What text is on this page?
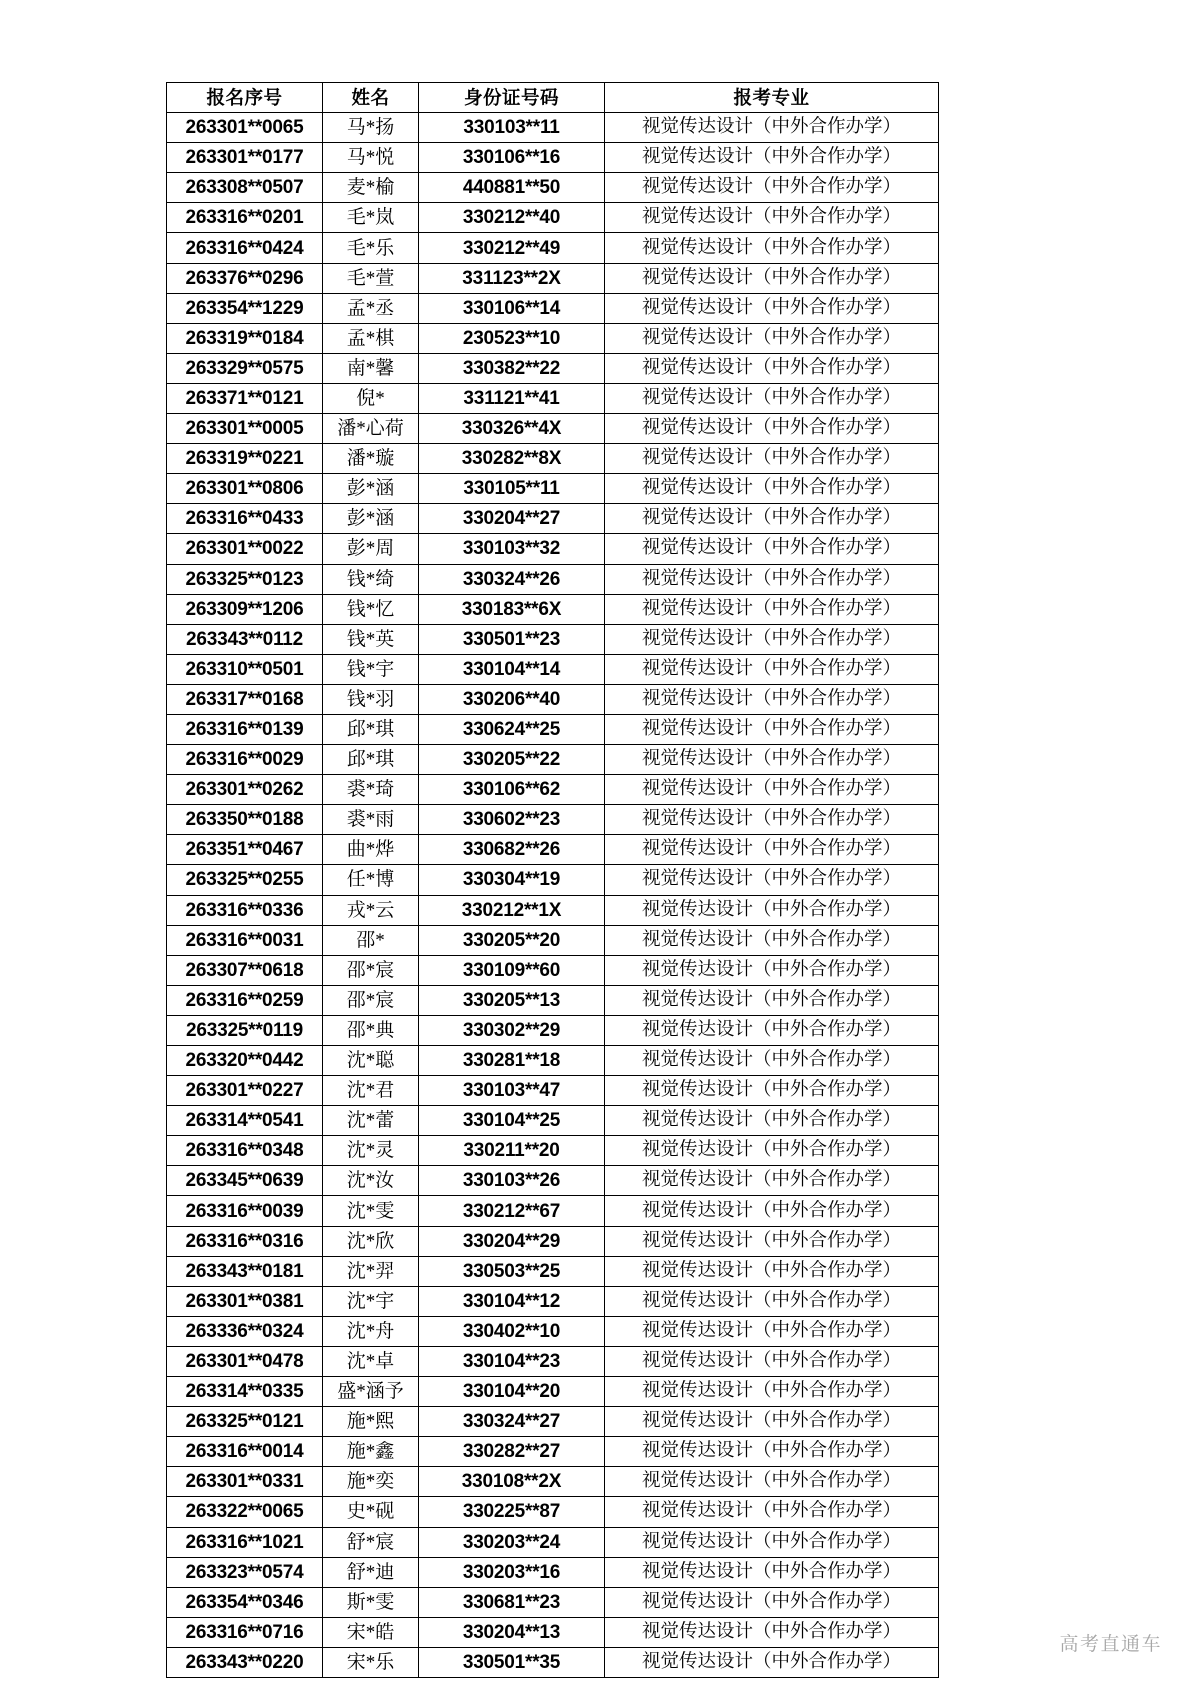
报名序号	姓名	身份证号码	报考专业
263301**0065	马*扬	330103**11	视觉传达设计（中外合作办学）
263301**0177	马*悦	330106**16	视觉传达设计（中外合作办学）
263308**0507	麦*榆	440881**50	视觉传达设计（中外合作办学）
263316**0201	毛*岚	330212**40	视觉传达设计（中外合作办学）
263316**0424	毛*乐	330212**49	视觉传达设计（中外合作办学）
263376**0296	毛*萱	331123**2X	视觉传达设计（中外合作办学）
263354**1229	孟*丞	330106**14	视觉传达设计（中外合作办学）
263319**0184	孟*棋	230523**10	视觉传达设计（中外合作办学）
263329**0575	南*馨	330382**22	视觉传达设计（中外合作办学）
263371**0121	倪*	331121**41	视觉传达设计（中外合作办学）
263301**0005	潘*心荷	330326**4X	视觉传达设计（中外合作办学）
263319**0221	潘*璇	330282**8X	视觉传达设计（中外合作办学）
263301**0806	彭*涵	330105**11	视觉传达设计（中外合作办学）
263316**0433	彭*涵	330204**27	视觉传达设计（中外合作办学）
263301**0022	彭*周	330103**32	视觉传达设计（中外合作办学）
263325**0123	钱*绮	330324**26	视觉传达设计（中外合作办学）
263309**1206	钱*忆	330183**6X	视觉传达设计（中外合作办学）
263343**0112	钱*英	330501**23	视觉传达设计（中外合作办学）
263310**0501	钱*宇	330104**14	视觉传达设计（中外合作办学）
263317**0168	钱*羽	330206**40	视觉传达设计（中外合作办学）
263316**0139	邱*琪	330624**25	视觉传达设计（中外合作办学）
263316**0029	邱*琪	330205**22	视觉传达设计（中外合作办学）
263301**0262	裘*琦	330106**62	视觉传达设计（中外合作办学）
263350**0188	裘*雨	330602**23	视觉传达设计（中外合作办学）
263351**0467	曲*烨	330682**26	视觉传达设计（中外合作办学）
263325**0255	任*博	330304**19	视觉传达设计（中外合作办学）
263316**0336	戎*云	330212**1X	视觉传达设计（中外合作办学）
263316**0031	邵*	330205**20	视觉传达设计（中外合作办学）
263307**0618	邵*宸	330109**60	视觉传达设计（中外合作办学）
263316**0259	邵*宸	330205**13	视觉传达设计（中外合作办学）
263325**0119	邵*典	330302**29	视觉传达设计（中外合作办学）
263320**0442	沈*聪	330281**18	视觉传达设计（中外合作办学）
263301**0227	沈*君	330103**47	视觉传达设计（中外合作办学）
263314**0541	沈*蕾	330104**25	视觉传达设计（中外合作办学）
263316**0348	沈*灵	330211**20	视觉传达设计（中外合作办学）
263345**0639	沈*汝	330103**26	视觉传达设计（中外合作办学）
263316**0039	沈*雯	330212**67	视觉传达设计（中外合作办学）
263316**0316	沈*欣	330204**29	视觉传达设计（中外合作办学）
263343**0181	沈*羿	330503**25	视觉传达设计（中外合作办学）
263301**0381	沈*宇	330104**12	视觉传达设计（中外合作办学）
263336**0324	沈*舟	330402**10	视觉传达设计（中外合作办学）
263301**0478	沈*卓	330104**23	视觉传达设计（中外合作办学）
263314**0335	盛*涵予	330104**20	视觉传达设计（中外合作办学）
263325**0121	施*熙	330324**27	视觉传达设计（中外合作办学）
263316**0014	施*鑫	330282**27	视觉传达设计（中外合作办学）
263301**0331	施*奕	330108**2X	视觉传达设计（中外合作办学）
263322**0065	史*砚	330225**87	视觉传达设计（中外合作办学）
263316**1021	舒*宸	330203**24	视觉传达设计（中外合作办学）
263323**0574	舒*迪	330203**16	视觉传达设计（中外合作办学）
263354**0346	斯*雯	330681**23	视觉传达设计（中外合作办学）
263316**0716	宋*皓	330204**13	视觉传达设计（中外合作办学）
263343**0220	宋*乐	330501**35	视觉传达设计（中外合作办学）
高考直通车
